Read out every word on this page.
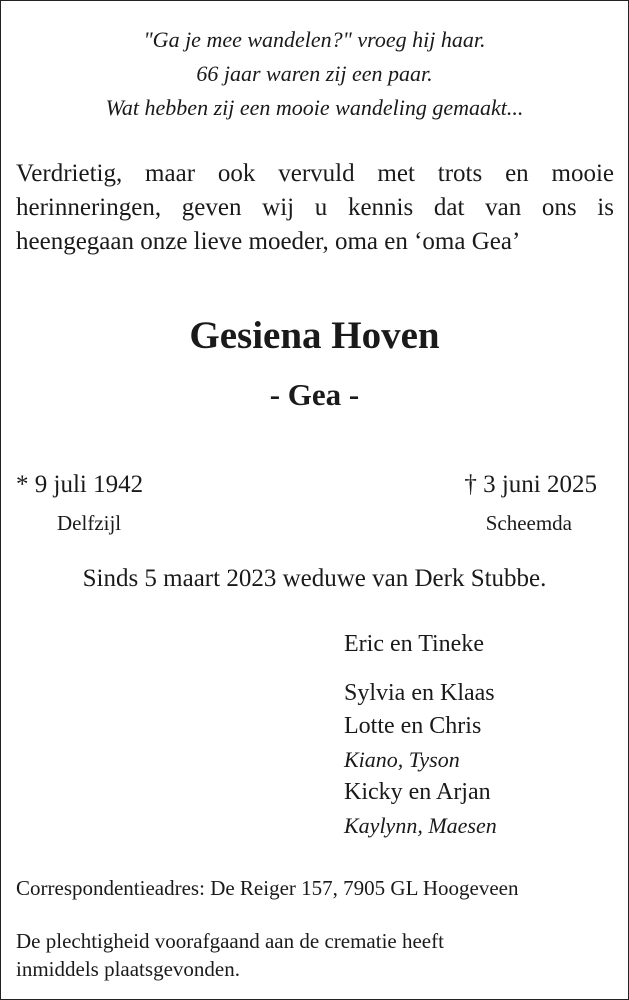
"Ga je mee wandelen?" vroeg hij haar.
66 jaar waren zij een paar.
Wat hebben zij een mooie wandeling gemaakt...
Verdrietig, maar ook vervuld met trots en mooie
herinneringen, geven wij u kennis dat van ons is
heengegaan onze lieve moeder, oma en ‘oma Gea’
Gesiena Hoven
- Gea -
* 9 juli 1942
Delfzijl
† 3 juni 2025
Scheemda
Sinds 5 maart 2023 weduwe van Derk Stubbe.
Eric en Tineke
Sylvia en Klaas
Lotte en Chris
Kiano, Tyson
Kicky en Arjan
Kaylynn, Maesen
Correspondentieadres: De Reiger 157, 7905 GL Hoogeveen
De plechtigheid voorafgaand aan de crematie heeft
inmiddels plaatsgevonden.
